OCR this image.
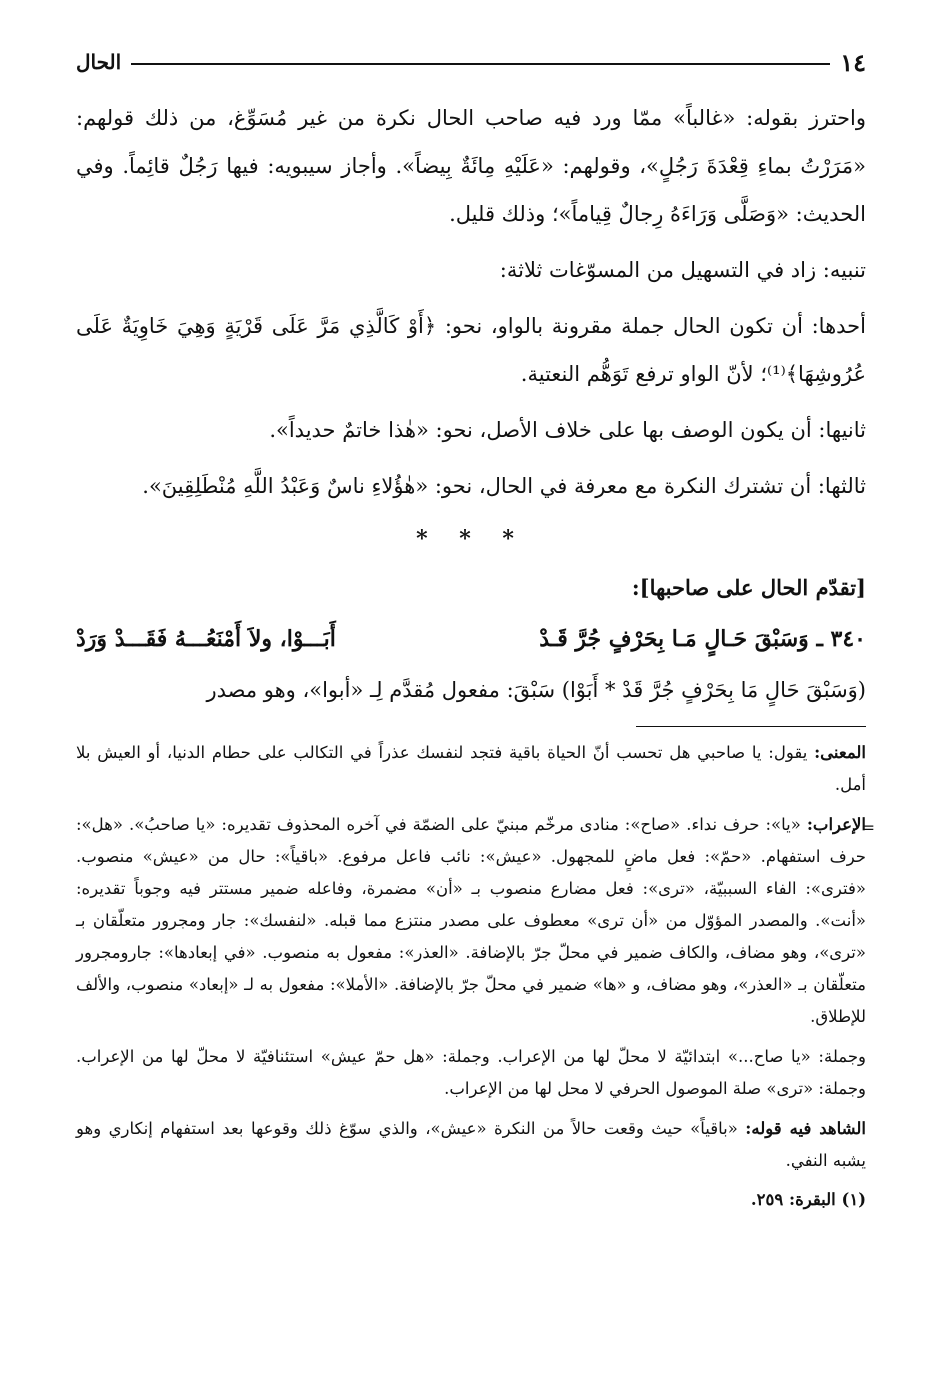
١٤
الحال

واحترز بقوله: «غالباً» ممّا ورد فيه صاحب الحال نكرة من غير مُسَوِّغ، من ذلك قولهم: «مَرَرْتُ بماءِ قِعْدَةَ رَجُلٍ»، وقولهم: «عَلَيْهِ مِائَةٌ بِيضاً». وأجاز سيبويه: فيها رَجُلٌ قائِماً. وفي الحديث: «وَصَلَّى وَرَاءَهُ رِجالٌ قِياماً»؛ وذلك قليل.

تنبيه: زاد في التسهيل من المسوّغات ثلاثة:

أحدها: أن تكون الحال جملة مقرونة بالواو، نحو: ﴿أَوْ كَالَّذِي مَرَّ عَلَى قَرْيَةٍ وَهِيَ خَاوِيَةٌ عَلَى عُرُوشِهَا﴾⁽¹⁾؛ لأنّ الواو ترفع تَوَهُّم النعتية.

ثانيها: أن يكون الوصف بها على خلاف الأصل، نحو: «هٰذا خاتمٌ حديداً».

ثالثها: أن تشترك النكرة مع معرفة في الحال، نحو: «هٰؤُلاءِ ناسٌ وَعَبْدُ اللَّهِ مُنْطَلِقِينَ».

* * *
[تقدّم الحال على صاحبها]:
٣٤٠ ـ وَسَبْقَ حَـالٍ مَـا بِحَرْفٍ جُرَّ قَـدْ
أَبَـــوْا، ولاَ أَمْنَعُـــهُ فَقَـــدْ وَرَدْ
(وَسَبْقَ حَالٍ مَا بِحَرْفٍ جُرَّ قَدْ * أَبَوْا) سَبْقَ: مفعول مُقدَّم لِـ «أبوا»، وهو مصدر

المعنى: يقول: يا صاحبي هل تحسب أنّ الحياة باقية فتجد لنفسك عذراً في التكالب على حطام الدنيا، أو العيش بلا أمل.

الإعراب: «يا»: حرف نداء. «صاح»: منادى مرخّم مبنيّ على الضمّة في آخره المحذوف تقديره: «يا صاحبُ». «هل»: حرف استفهام. «حمّ»: فعل ماضٍ للمجهول. «عيش»: نائب فاعل مرفوع. «باقياً»: حال من «عيش» منصوب. «فترى»: الفاء السببيّة، «ترى»: فعل مضارع منصوب بـ «أن» مضمرة، وفاعله ضمير مستتر فيه وجوباً تقديره: «أنت». والمصدر المؤوّل من «أن ترى» معطوف على مصدر منتزع مما قبله. «لنفسك»: جار ومجرور متعلّقان بـ «ترى»، وهو مضاف، والكاف ضمير في محلّ جرّ بالإضافة. «العذر»: مفعول به منصوب. «في إبعادها»: جارومجرور متعلّقان بـ «العذر»، وهو مضاف، و «ها» ضمير في محلّ جرّ بالإضافة. «الأملا»: مفعول به لـ «إبعاد» منصوب، والألف للإطلاق.

وجملة: «يا صاح...» ابتدائيّة لا محلّ لها من الإعراب. وجملة: «هل حمّ عيش» استئنافيّة لا محلّ لها من الإعراب. وجملة: «ترى» صلة الموصول الحرفي لا محل لها من الإعراب.

الشاهد فيه قوله: «باقياً» حيث وقعت حالاً من النكرة «عيش»، والذي سوّغ ذلك وقوعها بعد استفهام إنكاري وهو يشبه النفي.

(١) البقرة: ٢٥٩.
=
